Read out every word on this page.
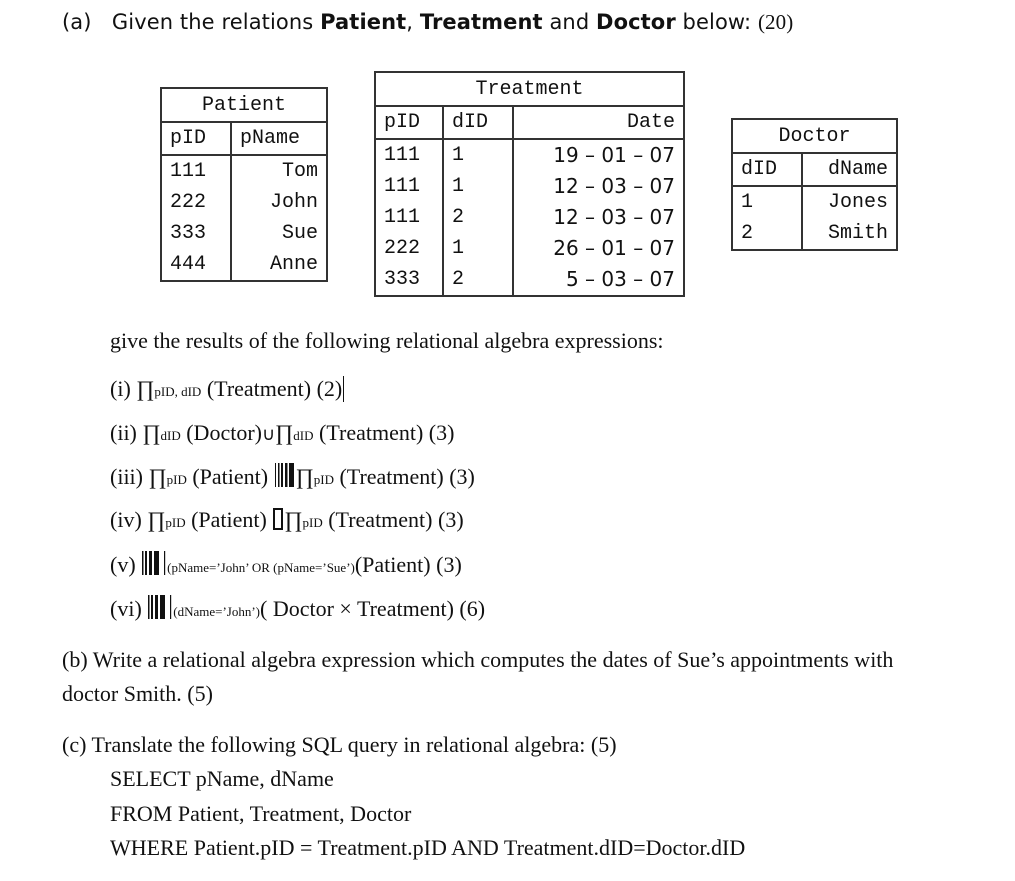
(a) Given the relations Patient, Treatment and Doctor below: (20)
Patient	
pID	pName
111	Tom
222	John
333	Sue
444	Anne
Treatment		
pID	dID	Date
111	1	19 – 01 – 07
111	1	12 – 03 – 07
111	2	12 – 03 – 07
222	1	26 – 01 – 07
333	2	5 – 03 – 07
Doctor	
dID	dName
1	Jones
2	Smith
give the results of the following relational algebra expressions:
(i) ∏pID, dID (Treatment) (2)
(ii) ∏dID (Doctor)∪∏dID (Treatment) (3)
(iii) ∏pID (Patient) ∏pID (Treatment) (3)
(iv) ∏pID (Patient) ∏pID (Treatment) (3)
(v) (pName=’John’ OR (pName=’Sue’)(Patient) (3)
(vi) (dName=’John’)( Doctor × Treatment) (6)
(b) Write a relational algebra expression which computes the dates of Sue’s appointments with
doctor Smith. (5)
(c) Translate the following SQL query in relational algebra: (5)
SELECT pName, dName
FROM Patient, Treatment, Doctor
WHERE Patient.pID = Treatment.pID AND Treatment.dID=Doctor.dID
